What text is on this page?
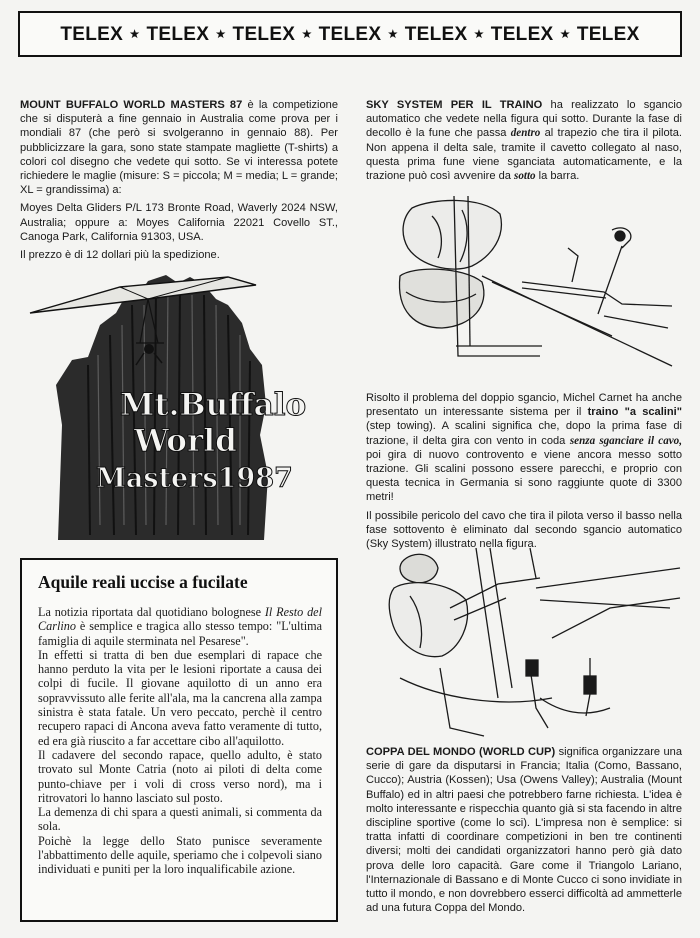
TELEX ⋆ TELEX ⋆ TELEX ⋆ TELEX ⋆ TELEX ⋆ TELEX ⋆ TELEX

MOUNT BUFFALO WORLD MASTERS 87 è la competizione che si disputerà a fine gennaio in Australia come prova per i mondiali 87 (che però si svolgeranno in gennaio 88). Per pubblicizzare la gara, sono state stampate magliette (T-shirts) a colori col disegno che vedete qui sotto. Se vi interessa potete richiedere le maglie (misure: S = piccola; M = media; L = grande; XL = grandissima) a:

Moyes Delta Gliders P/L 173 Bronte Road, Waverly 2024 NSW, Australia; oppure a: Moyes California 22021 Covello ST., Canoga Park, California 91303, USA.

Il prezzo è di 12 dollari più la spedizione.

Mt.Buffalo
World
Masters1987
Aquile reali uccise a fucilate

La notizia riportata dal quotidiano bolognese Il Resto del Carlino è semplice e tragica allo stesso tempo: "L'ultima famiglia di aquile sterminata nel Pesarese".

In effetti si tratta di ben due esemplari di rapace che hanno perduto la vita per le lesioni riportate a causa dei colpi di fucile. Il giovane aquilotto di un anno era sopravvissuto alle ferite all'ala, ma la cancrena alla zampa sinistra è stata fatale. Un vero peccato, perchè il centro recupero rapaci di Ancona aveva fatto veramente di tutto, ed era già riuscito a far accettare cibo all'aquilotto.

Il cadavere del secondo rapace, quello adulto, è stato trovato sul Monte Catria (noto ai piloti di delta come punto-chiave per i voli di cross verso nord), ma i ritrovatori lo hanno lasciato sul posto.

La demenza di chi spara a questi animali, si commenta da sola.

Poichè la legge dello Stato punisce severamente l'abbattimento delle aquile, speriamo che i colpevoli siano individuati e puniti per la loro inqualificabile azione.

SKY SYSTEM PER IL TRAINO ha realizzato lo sgancio automatico che vedete nella figura qui sotto. Durante la fase di decollo è la fune che passa dentro al trapezio che tira il pilota. Non appena il delta sale, tramite il cavetto collegato al naso, questa prima fune viene sganciata automaticamente, e la trazione può così avvenire da sotto la barra.

Risolto il problema del doppio sgancio, Michel Carnet ha anche presentato un interessante sistema per il traino "a scalini" (step towing). A scalini significa che, dopo la prima fase di trazione, il delta gira con vento in coda senza sganciare il cavo, poi gira di nuovo controvento e viene ancora messo sotto trazione. Gli scalini possono essere parecchi, e proprio con questa tecnica in Germania si sono raggiunte quote di 3300 metri!

Il possibile pericolo del cavo che tira il pilota verso il basso nella fase sottovento è eliminato dal secondo sgancio automatico (Sky System) illustrato nella figura.

COPPA DEL MONDO (WORLD CUP) significa organizzare una serie di gare da disputarsi in Francia; Italia (Como, Bassano, Cucco); Austria (Kossen); Usa (Owens Valley); Australia (Mount Buffalo) ed in altri paesi che potrebbero farne richiesta. L'idea è molto interessante e rispecchia quanto già si sta facendo in altre discipline sportive (come lo sci). L'impresa non è semplice: si tratta infatti di coordinare competizioni in ben tre continenti diversi; molti dei candidati organizzatori hanno però già dato prova delle loro capacità. Gare come il Triangolo Lariano, l'Internazionale di Bassano e di Monte Cucco ci sono invidiate in tutto il mondo, e non dovrebbero esserci difficoltà ad ammetterle ad una futura Coppa del Mondo.
